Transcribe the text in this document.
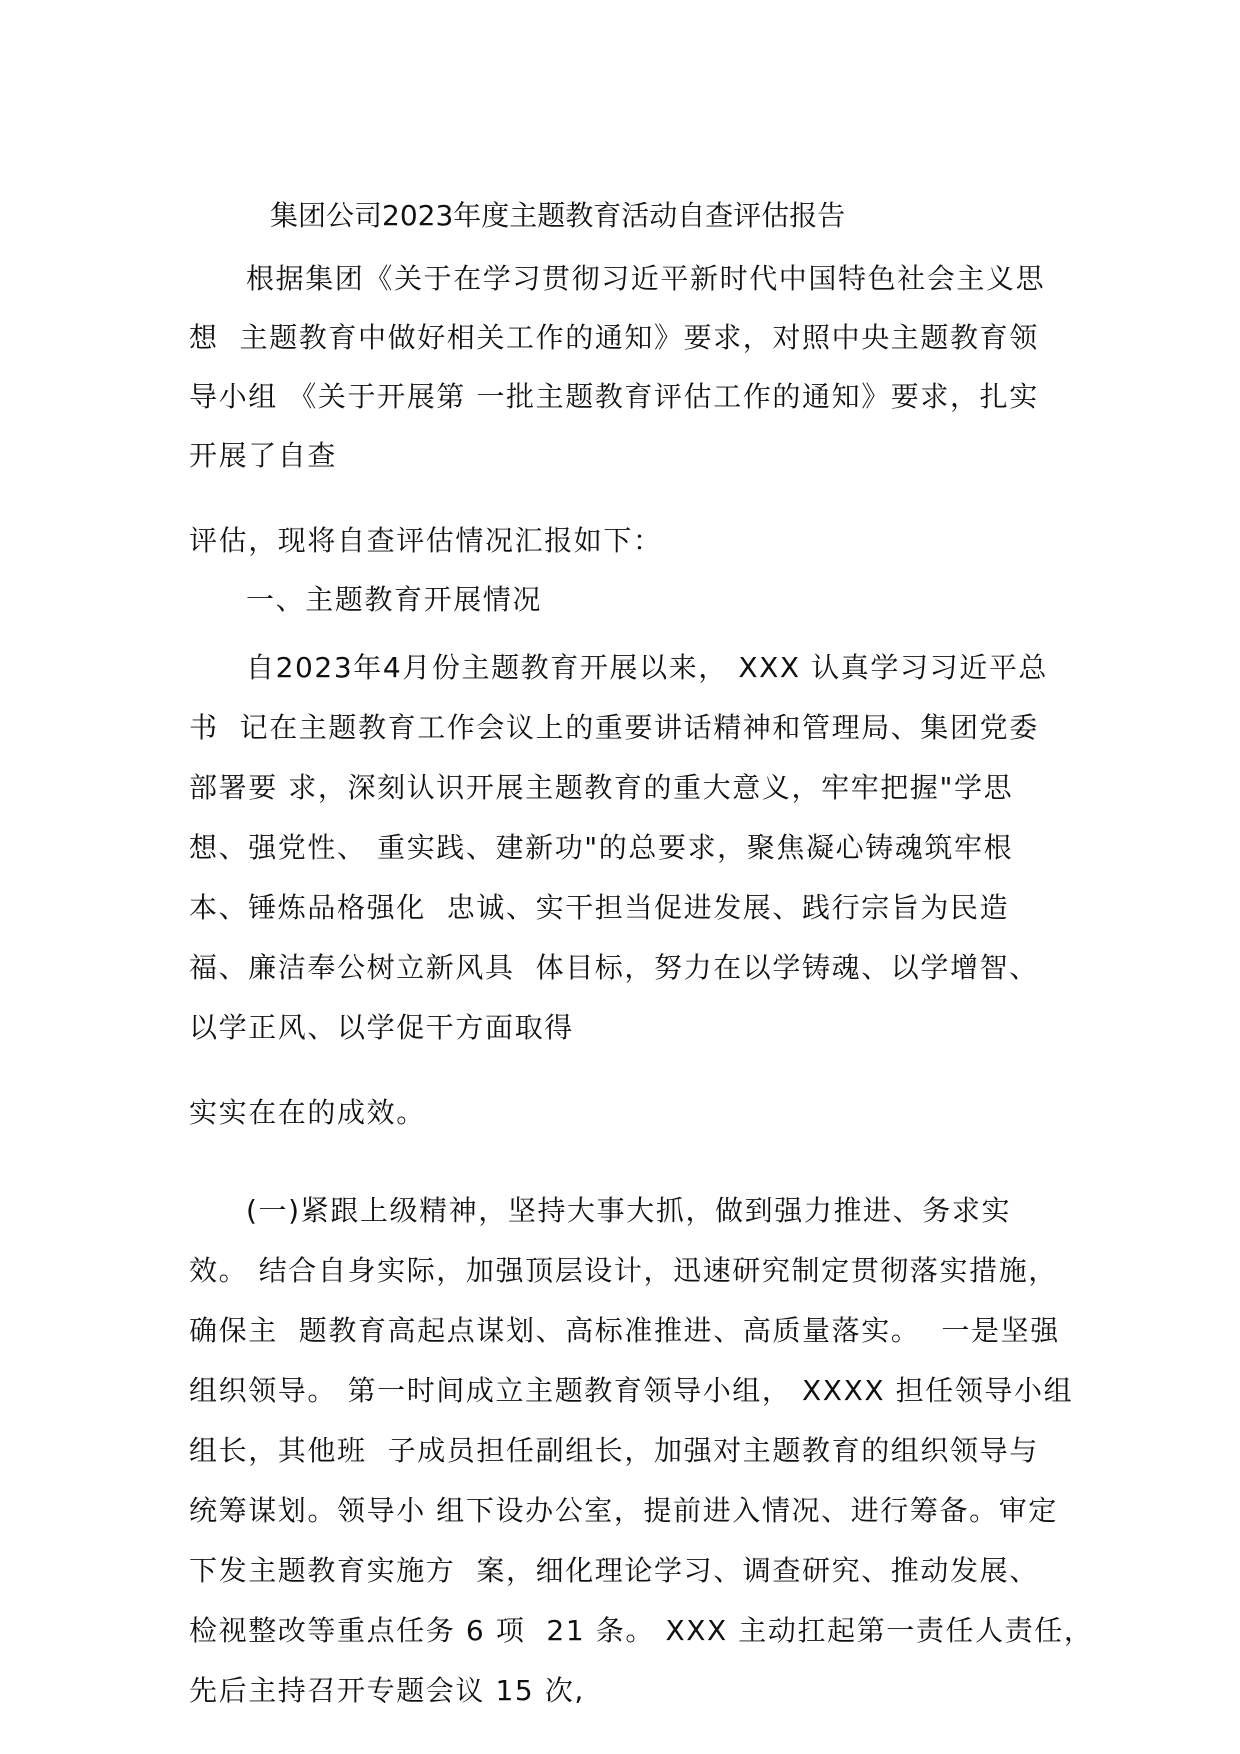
集团公司2023年度主题教育活动自查评估报告
根据集团《关于在学习贯彻习近平新时代中国特色社会主义思
想  主题教育中做好相关工作的通知》要求，对照中央主题教育领
导小组 《关于开展第 一批主题教育评估工作的通知》要求，扎实
开展了自查
评估，现将自查评估情况汇报如下：
一、主题教育开展情况
自2023年4月份主题教育开展以来， XXX 认真学习习近平总
书  记在主题教育工作会议上的重要讲话精神和管理局、集团党委
部署要 求，深刻认识开展主题教育的重大意义，牢牢把握"学思
想、强党性、 重实践、建新功"的总要求，聚焦凝心铸魂筑牢根
本、锤炼品格强化  忠诚、实干担当促进发展、践行宗旨为民造
福、廉洁奉公树立新风具  体目标，努力在以学铸魂、以学增智、
以学正风、以学促干方面取得
实实在在的成效。
(一)紧跟上级精神，坚持大事大抓，做到强力推进、务求实
效。 结合自身实际，加强顶层设计，迅速研究制定贯彻落实措施，
确保主  题教育高起点谋划、高标准推进、高质量落实。  一是坚强
组织领导。 第一时间成立主题教育领导小组， XXXX 担任领导小组
组长，其他班  子成员担任副组长，加强对主题教育的组织领导与
统筹谋划。领导小 组下设办公室，提前进入情况、进行筹备。审定
下发主题教育实施方  案，细化理论学习、调查研究、推动发展、
检视整改等重点任务 6 项  21 条。 XXX 主动扛起第一责任人责任，
先后主持召开专题会议 15 次,
